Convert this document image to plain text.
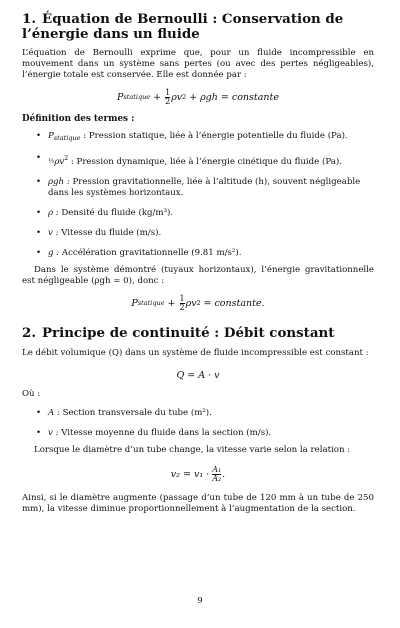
1. Équation de Bernoulli : Conservation de l’énergie dans un fluide

L’équation de Bernoulli exprime que, pour un fluide incompressible en mouvement dans un système sans pertes (ou avec des pertes négligeables), l’énergie totale est conservée. Elle est donnée par :

P statique + $\frac{1}{2}$ ρv 2 + ρgh = constante
Définition des termes :
• $P_{statique}$ : Pression statique, liée à l’énergie potentielle du fluide (Pa).
• $\frac{1}{2}\rho v^2$ : Pression dynamique, liée à l’énergie cinétique du fluide (Pa).
• ρgh : Pression gravitationnelle, liée à l’altitude (h), souvent négligeable dans les systèmes horizontaux.
• ρ : Densité du fluide (kg/m³).
• v : Vitesse du fluide (m/s).
• g : Accélération gravitationnelle (9.81 m/s²).

Dans le système démontré (tuyaux horizontaux), l’énergie gravitationnelle est négligeable (ρgh = 0), donc :

P statique + $\frac{1}{2}$ ρv 2 = constante.
2. Principe de continuité : Débit constant

Le débit volumique (Q) dans un système de fluide incompressible est constant :

Q = A · v

Où :

• A : Section transversale du tube (m²).
• v : Vitesse moyenne du fluide dans la section (m/s).

Lorsque le diamètre d’un tube change, la vitesse varie selon la relation :

$v_2 = v_1 \cdot \frac{\text{A₁}}{\text{A₂}}$ .

Ainsi, si le diamètre augmente (passage d’un tube de 120 mm à un tube de 250 mm), la vitesse diminue proportionnellement à l’augmentation de la section.

9
